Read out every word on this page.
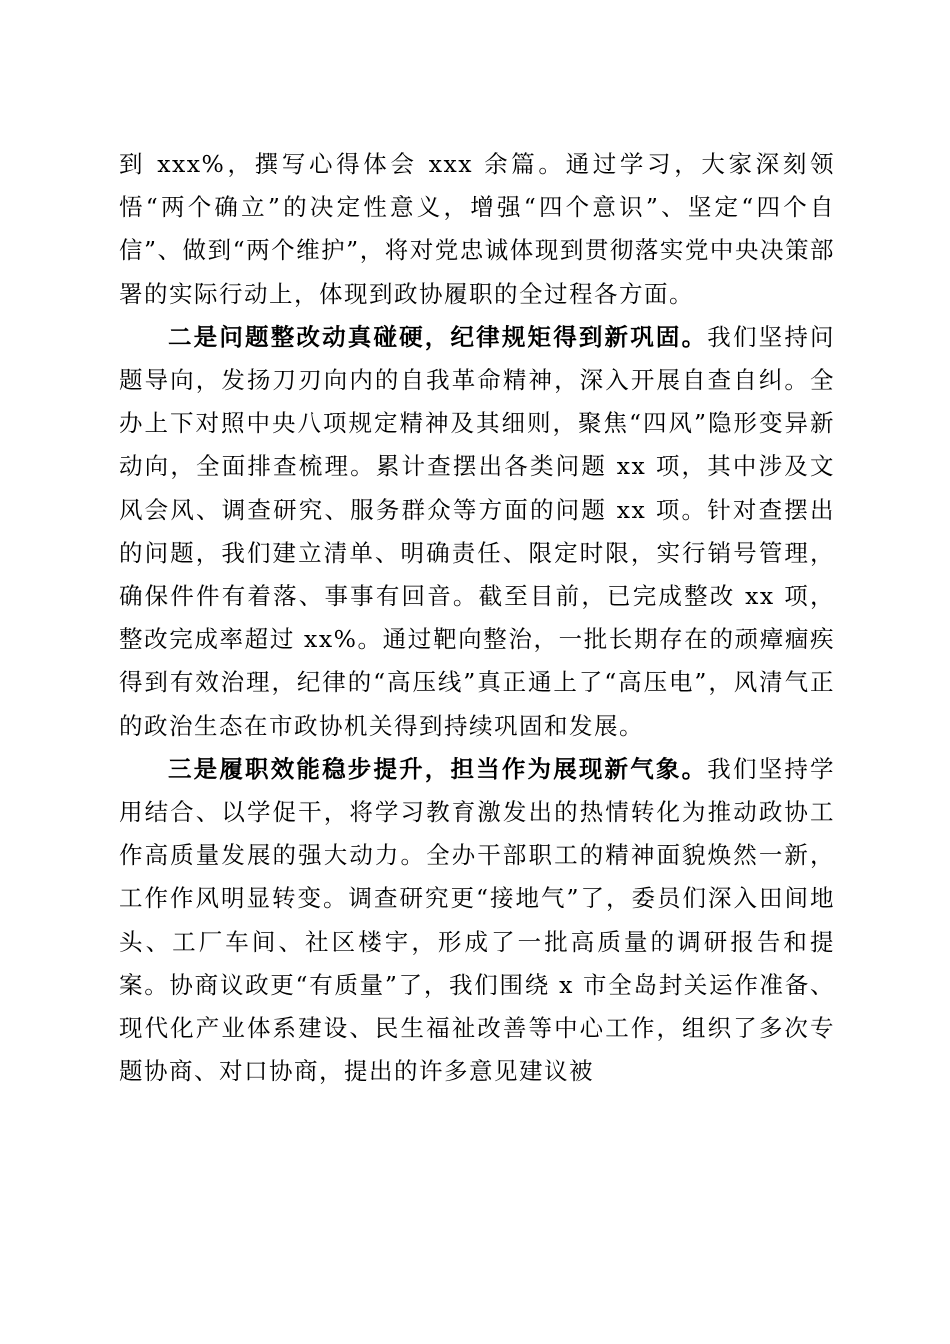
到 xxx%，撰写心得体会 xxx 余篇。通过学习，大家深刻领悟“两个确立”的决定性意义，增强“四个意识”、坚定“四个自信”、做到“两个维护”，将对党忠诚体现到贯彻落实党中央决策部署的实际行动上，体现到政协履职的全过程各方面。

二是问题整改动真碰硬，纪律规矩得到新巩固。我们坚持问题导向，发扬刀刃向内的自我革命精神，深入开展自查自纠。全办上下对照中央八项规定精神及其细则，聚焦“四风”隐形变异新动向，全面排查梳理。累计查摆出各类问题 xx 项，其中涉及文风会风、调查研究、服务群众等方面的问题 xx 项。针对查摆出的问题，我们建立清单、明确责任、限定时限，实行销号管理，确保件件有着落、事事有回音。截至目前，已完成整改 xx 项，整改完成率超过 xx%。通过靶向整治，一批长期存在的顽瘴痼疾得到有效治理，纪律的“高压线”真正通上了“高压电”，风清气正的政治生态在市政协机关得到持续巩固和发展。

三是履职效能稳步提升，担当作为展现新气象。我们坚持学用结合、以学促干，将学习教育激发出的热情转化为推动政协工作高质量发展的强大动力。全办干部职工的精神面貌焕然一新，工作作风明显转变。调查研究更“接地气”了，委员们深入田间地头、工厂车间、社区楼宇，形成了一批高质量的调研报告和提案。协商议政更“有质量”了，我们围绕 x 市全岛封关运作准备、现代化产业体系建设、民生福祉改善等中心工作，组织了多次专题协商、对口协商，提出的许多意见建议被
